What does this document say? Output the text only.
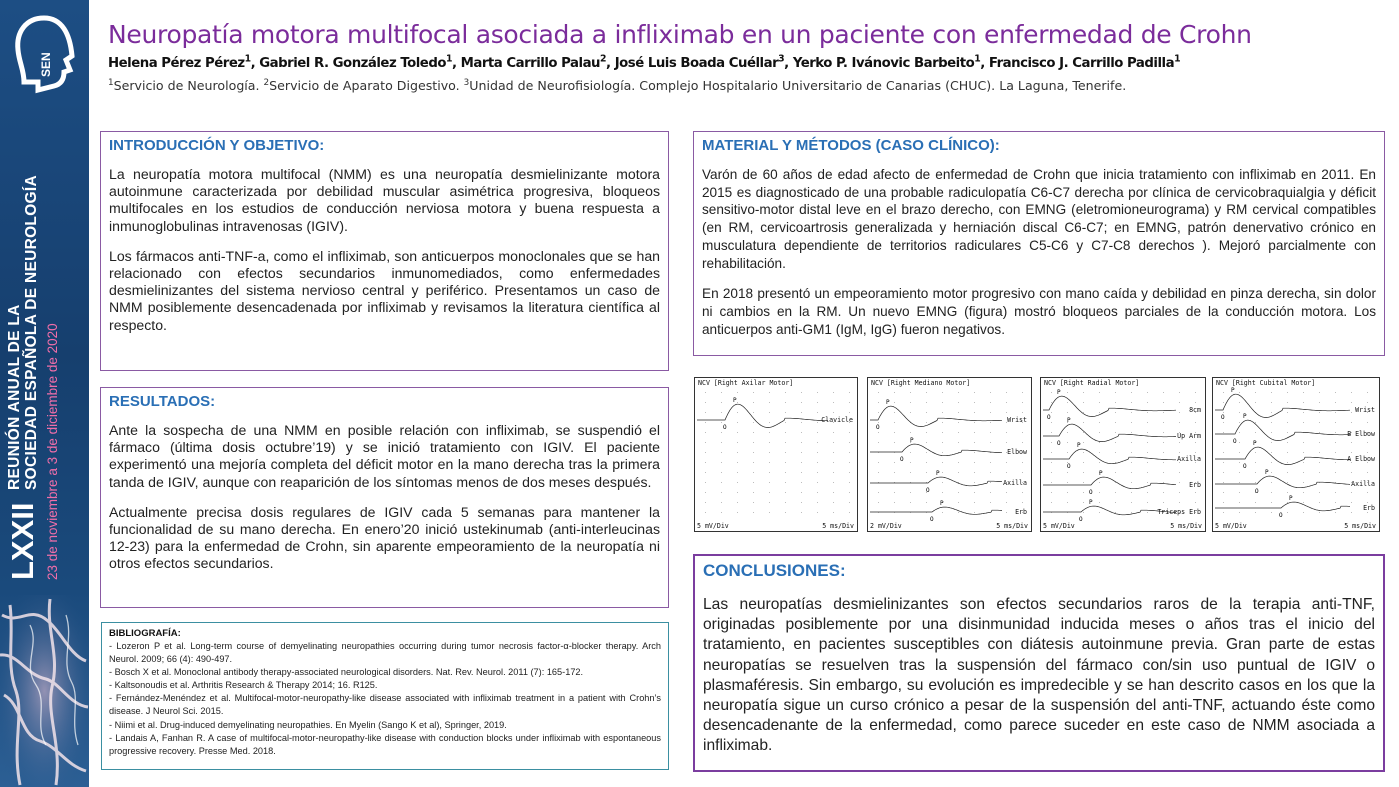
SEN
LXXII
REUNIÓN ANUAL DE LA SOCIEDAD ESPAÑOLA DE NEUROLOGÍA 23 de noviembre a 3 de diciembre de 2020
Neuropatía motora multifocal asociada a infliximab en un paciente con enfermedad de Crohn
Helena Pérez Pérez$^1$, Gabriel R. González Toledo$^1$, Marta Carrillo Palau$^2$, José Luis Boada Cuéllar$^3$, Yerko P. Ivánovic Barbeito$^1$, Francisco J. Carrillo Padilla$^1$
$^1$Servicio de Neurología. $^2$Servicio de Aparato Digestivo. $^3$Unidad de Neurofisiología. Complejo Hospitalario Universitario de Canarias (CHUC). La Laguna, Tenerife.
INTRODUCCIÓN Y OBJETIVO:

La neuropatía motora multifocal (NMM) es una neuropatía desmielinizante motora autoinmune caracterizada por debilidad muscular asimétrica progresiva, bloqueos multifocales en los estudios de conducción nerviosa motora y buena respuesta a inmunoglobulinas intravenosas (IGIV).

Los fármacos anti-TNF-a, como el infliximab, son anticuerpos monoclonales que se han relacionado con efectos secundarios inmunomediados, como enfermedades desmielinizantes del sistema nervioso central y periférico. Presentamos un caso de NMM posiblemente desencadenada por infliximab y revisamos la literatura científica al respecto.

RESULTADOS:

Ante la sospecha de una NMM en posible relación con infliximab, se suspendió el fármaco (última dosis octubre’19) y se inició tratamiento con IGIV. El paciente experimentó una mejoría completa del déficit motor en la mano derecha tras la primera tanda de IGIV, aunque con reaparición de los síntomas menos de dos meses después.

Actualmente precisa dosis regulares de IGIV cada 5 semanas para mantener la funcionalidad de su mano derecha. En enero’20 inició ustekinumab (anti-interleucinas 12-23) para la enfermedad de Crohn, sin aparente empeoramiento de la neuropatía ni otros efectos secundarios.

BIBLIOGRAFÍA:
- Lozeron P et al. Long-term course of demyelinating neuropathies occurring during tumor necrosis factor-α-blocker therapy. Arch Neurol. 2009; 66 (4): 490-497.
- Bosch X et al. Monoclonal antibody therapy-associated neurological disorders. Nat. Rev. Neurol. 2011 (7): 165-172.
- Kaltsonoudis et al. Arthritis Research & Therapy 2014; 16. R125.
- Fernández-Menéndez et al. Multifocal-motor-neuropathy-like disease associated with infliximab treatment in a patient with Crohn’s disease. J Neurol Sci. 2015.
- Niimi et al. Drug-induced demyelinating neuropathies. En Myelin (Sango K et al), Springer, 2019.
- Landais A, Fanhan R. A case of multifocal-motor-neuropathy-like disease with conduction blocks under infliximab with espontaneous progressive recovery. Presse Med. 2018.
MATERIAL Y MÉTODOS (CASO CLÍNICO):

Varón de 60 años de edad afecto de enfermedad de Crohn que inicia tratamiento con infliximab en 2011. En 2015 es diagnosticado de una probable radiculopatía C6-C7 derecha por clínica de cervicobraquialgia y déficit sensitivo-motor distal leve en el brazo derecho, con EMNG (eletromioneurograma) y RM cervical compatibles (en RM, cervicoartrosis generalizada y herniación discal C6-C7; en EMNG, patrón denervativo crónico en musculatura dependiente de territorios radiculares C5-C6 y C7-C8 derechos ). Mejoró parcialmente con rehabilitación.

En 2018 presentó un empeoramiento motor progresivo con mano caída y debilidad en pinza derecha, sin dolor ni cambios en la RM. Un nuevo EMNG (figura) mostró bloqueos parciales de la conducción motora. Los anticuerpos anti-GM1 (IgM, IgG) fueron negativos.

P
O
NCV [Right Axilar Motor]
Clavicle
5 mV/Div	5 ms/Div
P
O
P
O
P
O
P
O
NCV [Right Mediano Motor]
Wrist
Elbow
Axilla
Erb
2 mV/Div	5 ms/Div
P
O	P
O	P
O
P
O
P
O
NCV [Right Radial Motor]
8cm
Up Arm
Axilla
Erb
Triceps Erb
5 mV/Div	5 ms/Div
P
O	P
O	P
O
P
O
P
O
NCV [Right Cubital Motor]
Wrist
B Elbow
A Elbow
Axilla
Erb
5 mV/Div	5 ms/Div
CONCLUSIONES:

Las neuropatías desmielinizantes son efectos secundarios raros de la terapia anti-TNF, originadas posiblemente por una disinmunidad inducida meses o años tras el inicio del tratamiento, en pacientes susceptibles con diátesis autoinmune previa. Gran parte de estas neuropatías se resuelven tras la suspensión del fármaco con/sin uso puntual de IGIV o plasmaféresis. Sin embargo, su evolución es impredecible y se han descrito casos en los que la neuropatía sigue un curso crónico a pesar de la suspensión del anti-TNF, actuando éste como desencadenante de la enfermedad, como parece suceder en este caso de NMM asociada a infliximab.
